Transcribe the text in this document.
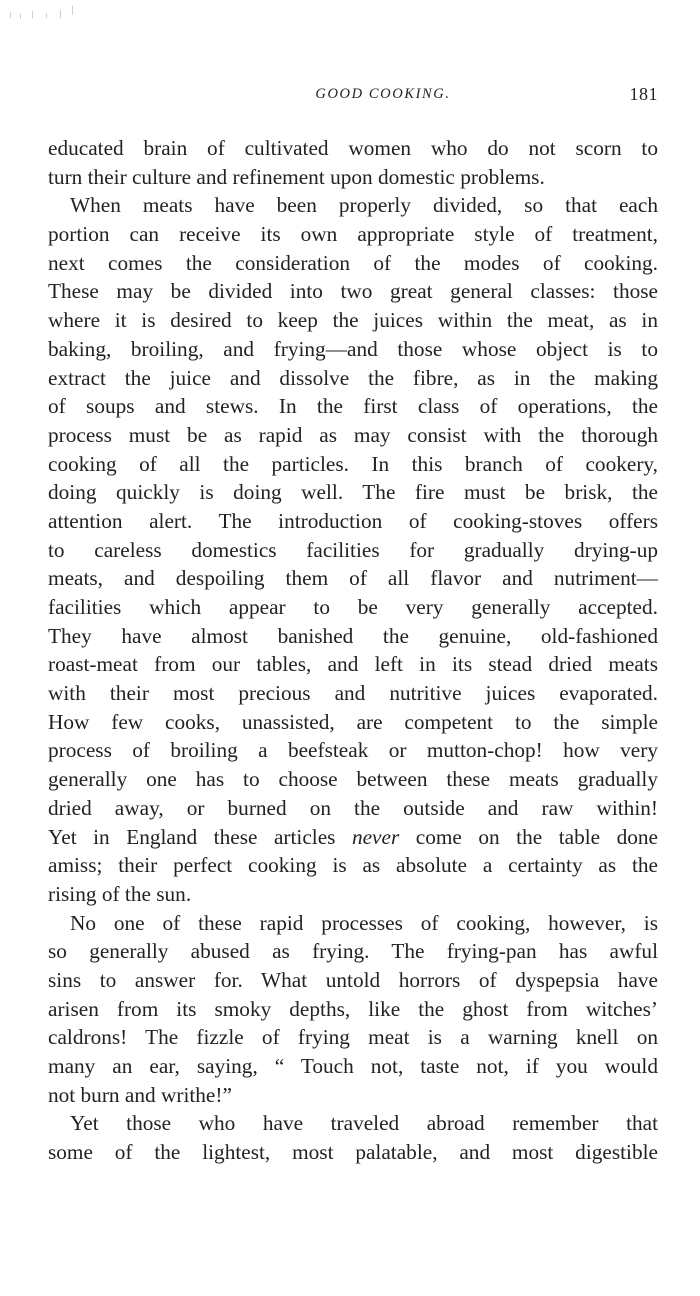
GOOD COOKING.	181
educated brain of cultivated women who do not scorn to
turn their culture and refinement upon domestic problems.
When meats have been properly divided, so that each
portion can receive its own appropriate style of treatment,
next comes the consideration of the modes of cooking.
These may be divided into two great general classes: those
where it is desired to keep the juices within the meat, as in
baking, broiling, and frying—and those whose object is to
extract the juice and dissolve the fibre, as in the making
of soups and stews. In the first class of operations, the
process must be as rapid as may consist with the thorough
cooking of all the particles. In this branch of cookery,
doing quickly is doing well. The fire must be brisk, the
attention alert. The introduction of cooking-stoves offers
to careless domestics facilities for gradually drying-up
meats, and despoiling them of all flavor and nutriment—
facilities which appear to be very generally accepted.
They have almost banished the genuine, old-fashioned
roast-meat from our tables, and left in its stead dried meats
with their most precious and nutritive juices evaporated.
How few cooks, unassisted, are competent to the simple
process of broiling a beefsteak or mutton-chop! how very
generally one has to choose between these meats gradually
dried away, or burned on the outside and raw within!
Yet in England these articles never come on the table done
amiss; their perfect cooking is as absolute a certainty as the
rising of the sun.
No one of these rapid processes of cooking, however, is
so generally abused as frying. The frying-pan has awful
sins to answer for. What untold horrors of dyspepsia have
arisen from its smoky depths, like the ghost from witches’
caldrons! The fizzle of frying meat is a warning knell on
many an ear, saying, “ Touch not, taste not, if you would
not burn and writhe!”
Yet those who have traveled abroad remember that
some of the lightest, most palatable, and most digestible
